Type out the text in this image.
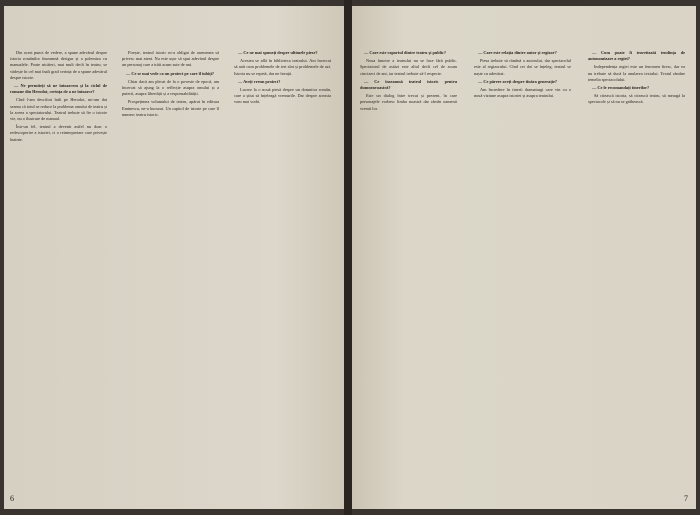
Din acest punct de vedere, a spune adevărul despre istoria românilor înseamnă desigur și a polemiza cu manualele. Poate nicăieri, mai mult decît în teatru, se vădește în cel mai înalt grad cerința de a spune adevărul despre istorie.

— Ne permiteți să ne întoarcem și la ciclul de romane din Herodot, cerința de a ne întoarce?

Cînd l-am descifrat întîi pe Herodot, mi-am dat seama că totul se reduce la problema omului de teatru și la aceea a spectatorului. Teatrul trebuie să fie o istorie vie, nu o ilustrare de manual.

Într-un fel, teatrul a devenit astfel nu doar o redescoperire a istoriei, ci o reinterpretare care privește înainte.

Firește, teatrul istoric m-a obligat de asemenea să privesc mai atent. Nu este ușor să spui adevărul despre un personaj care a trăit acum sute de ani.

— Ce se mai vede ca un proiect pe care îl iubiți?

Chiar dacă am plecat de la o poveste de epocă, am încercat să ajung la o reflecție asupra omului și a puterii, asupra libertății și a responsabilității.

Prospețimea volumului de teatru, apărut în editura Eminescu, ne-a bucurat. Un capitol de istorie pe care îl numesc teatru istoric.

— Ce ne mai spuneți despre ultimele piese?

Acestea se află în biblioteca teatrului. Am încercat să arăt cum problemele de ieri sînt și problemele de azi. Istoria nu se repetă, dar ne învață.

— Aveți vreun proiect?

Lucrez la o nouă piesă despre un domnitor român, care a știut să înțeleagă vremurile. Dar despre aceasta vom mai vorbi.

6

— Care este raportul dintre teatru și public?

Noua înnoire a teatrului nu se face fără public. Spectatorul de astăzi este altul decît cel de acum cincizeci de ani, iar teatrul trebuie să-l respecte.

— Ce înseamnă teatrul istoric pentru dumneavoastră?

Este un dialog între trecut și prezent, în care personajele vorbesc limba noastră dar rămîn oamenii vremii lor.

— Care este relația dintre autor și regizor?

Piesa trebuie să rămînă a autorului, dar spectacolul este al regizorului. Cînd cei doi se înțeleg, teatrul se naște cu adevărat.

— Ce părere aveți despre tînăra generație?

Am încredere în tinerii dramaturgi care vin cu o nouă viziune asupra istoriei și asupra teatrului.

— Cum poate fi teoretizată tendința de autonomizare a regiei?

Independența regiei este un fenomen firesc, dar ea nu trebuie să ducă la anularea textului. Textul rămîne temelia spectacolului.

— Ce le recomandați tinerilor?

Să citească istoria, să citească teatru, să meargă la spectacole și să nu se grăbească.

7
